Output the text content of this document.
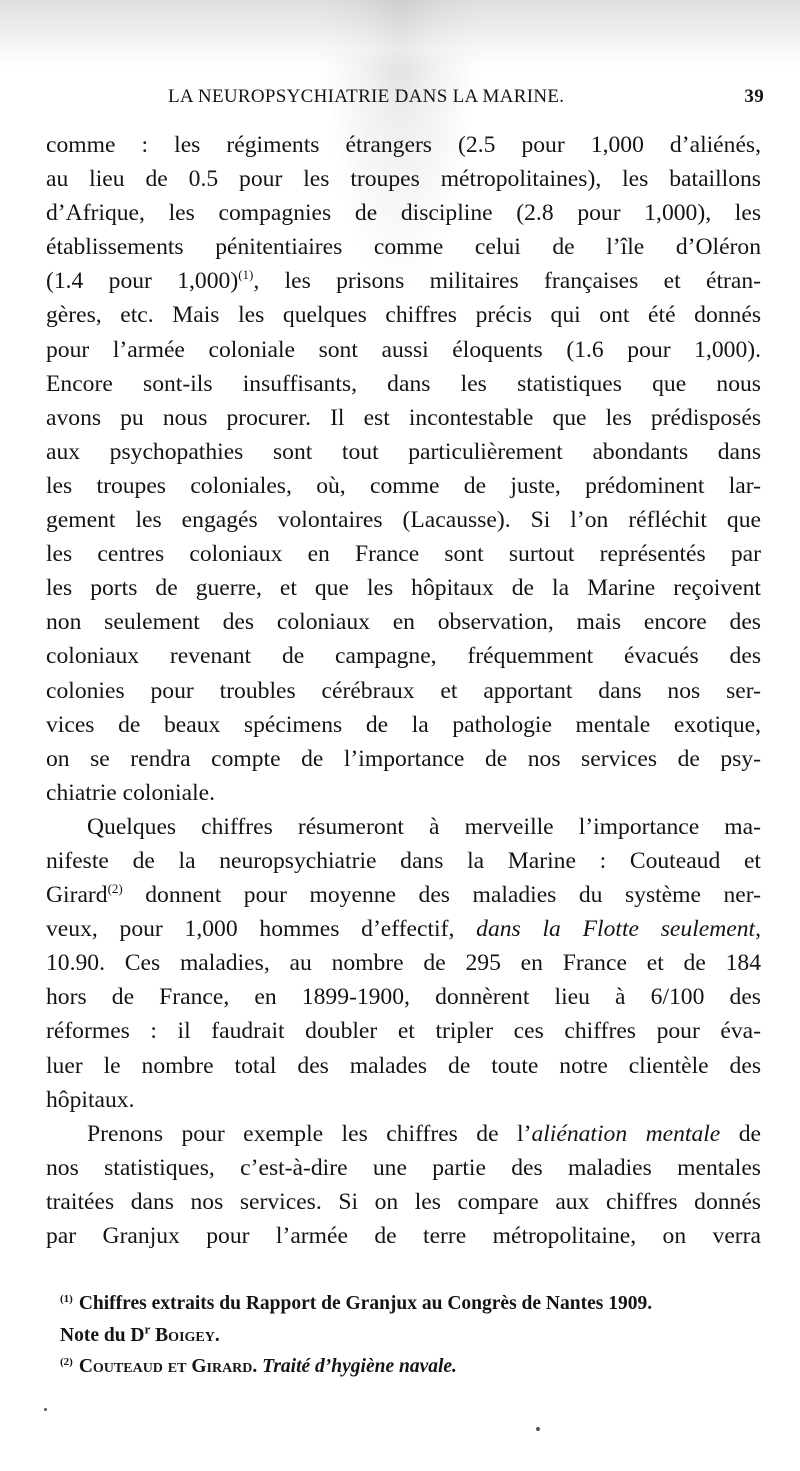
LA NEUROPSYCHIATRIE DANS LA MARINE.	39
comme : les régiments étrangers (2.5 pour 1,000 d’aliénés,
au lieu de 0.5 pour les troupes métropolitaines), les bataillons
d’Afrique, les compagnies de discipline (2.8 pour 1,000), les
établissements pénitentiaires comme celui de l’île d’Oléron
(1.4 pour 1,000)$^{(1)}$, les prisons militaires françaises et étran-
gères, etc. Mais les quelques chiffres précis qui ont été donnés
pour l’armée coloniale sont aussi éloquents (1.6 pour 1,000).
Encore sont-ils insuffisants, dans les statistiques que nous
avons pu nous procurer. Il est incontestable que les prédisposés
aux psychopathies sont tout particulièrement abondants dans
les troupes coloniales, où, comme de juste, prédominent lar-
gement les engagés volontaires (Lacausse). Si l’on réfléchit que
les centres coloniaux en France sont surtout représentés par
les ports de guerre, et que les hôpitaux de la Marine reçoivent
non seulement des coloniaux en observation, mais encore des
coloniaux revenant de campagne, fréquemment évacués des
colonies pour troubles cérébraux et apportant dans nos ser-
vices de beaux spécimens de la pathologie mentale exotique,
on se rendra compte de l’importance de nos services de psy-
chiatrie coloniale.
Quelques chiffres résumeront à merveille l’importance ma-
nifeste de la neuropsychiatrie dans la Marine : Couteaud et
Girard$^{(2)}$ donnent pour moyenne des maladies du système ner-
veux, pour 1,000 hommes d’effectif, dans la Flotte seulement,
10.90. Ces maladies, au nombre de 295 en France et de 184
hors de France, en 1899-1900, donnèrent lieu à 6/100 des
réformes : il faudrait doubler et tripler ces chiffres pour éva-
luer le nombre total des malades de toute notre clientèle des
hôpitaux.
Prenons pour exemple les chiffres de l’aliénation mentale de
nos statistiques, c’est-à-dire une partie des maladies mentales
traitées dans nos services. Si on les compare aux chiffres donnés
par Granjux pour l’armée de terre métropolitaine, on verra
$^{(1)}$ Chiffres extraits du Rapport de Granjux au Congrès de Nantes 1909.
Note du D$^r$ Boigey.
$^{(2)}$ Couteaud et Girard. Traité d’hygiène navale.
